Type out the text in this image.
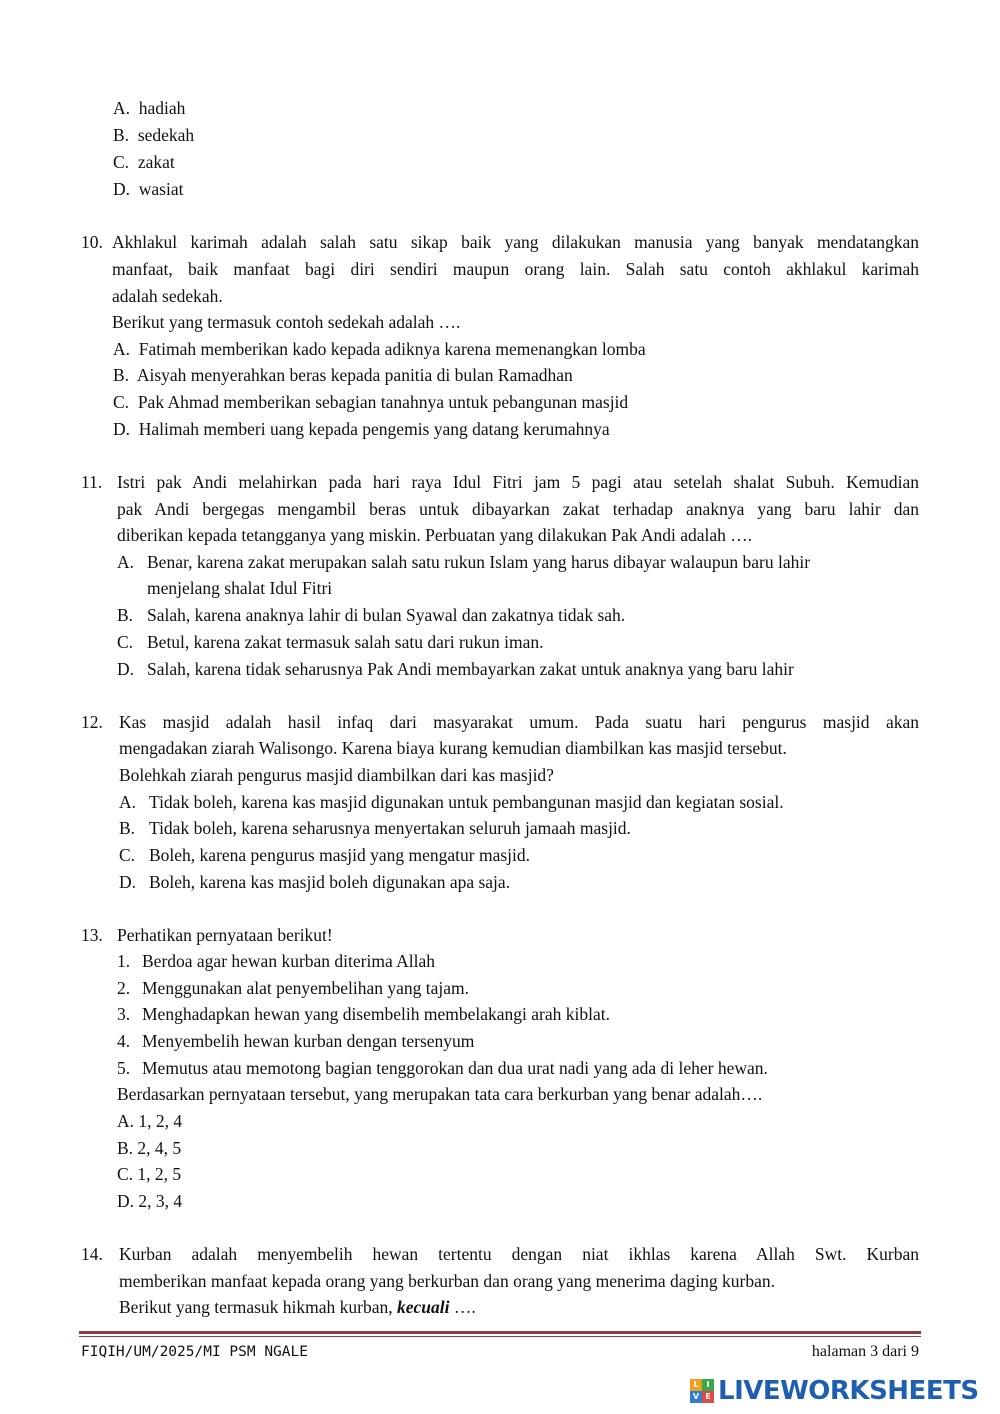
A. hadiah
B. sedekah
C. zakat
D. wasiat
10. Akhlakul karimah adalah salah satu sikap baik yang dilakukan manusia yang banyak mendatangkan
manfaat, baik manfaat bagi diri sendiri maupun orang lain. Salah satu contoh akhlakul karimah
adalah sedekah.
Berikut yang termasuk contoh sedekah adalah ….
A. Fatimah memberikan kado kepada adiknya karena memenangkan lomba
B. Aisyah menyerahkan beras kepada panitia di bulan Ramadhan
C. Pak Ahmad memberikan sebagian tanahnya untuk pebangunan masjid
D. Halimah memberi uang kepada pengemis yang datang kerumahnya
11. Istri pak Andi melahirkan pada hari raya Idul Fitri jam 5 pagi atau setelah shalat Subuh. Kemudian
pak Andi bergegas mengambil beras untuk dibayarkan zakat terhadap anaknya yang baru lahir dan
diberikan kepada tetangganya yang miskin. Perbuatan yang dilakukan Pak Andi adalah ….
A. Benar, karena zakat merupakan salah satu rukun Islam yang harus dibayar walaupun baru lahir
menjelang shalat Idul Fitri
B. Salah, karena anaknya lahir di bulan Syawal dan zakatnya tidak sah.
C. Betul, karena zakat termasuk salah satu dari rukun iman.
D. Salah, karena tidak seharusnya Pak Andi membayarkan zakat untuk anaknya yang baru lahir
12. Kas masjid adalah hasil infaq dari masyarakat umum. Pada suatu hari pengurus masjid akan
mengadakan ziarah Walisongo. Karena biaya kurang kemudian diambilkan kas masjid tersebut.
Bolehkah ziarah pengurus masjid diambilkan dari kas masjid?
A. Tidak boleh, karena kas masjid digunakan untuk pembangunan masjid dan kegiatan sosial.
B. Tidak boleh, karena seharusnya menyertakan seluruh jamaah masjid.
C. Boleh, karena pengurus masjid yang mengatur masjid.
D. Boleh, karena kas masjid boleh digunakan apa saja.
13. Perhatikan pernyataan berikut!
1. Berdoa agar hewan kurban diterima Allah
2. Menggunakan alat penyembelihan yang tajam.
3. Menghadapkan hewan yang disembelih membelakangi arah kiblat.
4. Menyembelih hewan kurban dengan tersenyum
5. Memutus atau memotong bagian tenggorokan dan dua urat nadi yang ada di leher hewan.
Berdasarkan pernyataan tersebut, yang merupakan tata cara berkurban yang benar adalah….
A. 1, 2, 4
B. 2, 4, 5
C. 1, 2, 5
D. 2, 3, 4
14. Kurban adalah menyembelih hewan tertentu dengan niat ikhlas karena Allah Swt. Kurban
memberikan manfaat kepada orang yang berkurban dan orang yang menerima daging kurban.
Berikut yang termasuk hikmah kurban, kecuali ….
FIQIH/UM/2025/MI PSM NGALE	halaman 3 dari 9
L I
V E LIVEWORKSHEETS
